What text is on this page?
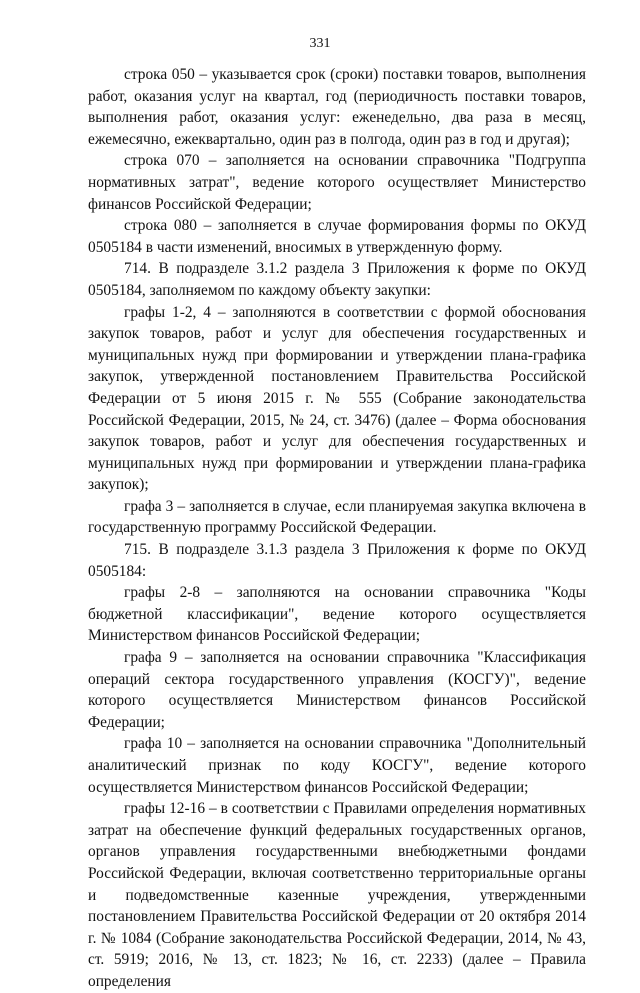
331

строка 050 – указывается срок (сроки) поставки товаров, выполнения работ, оказания услуг на квартал, год (периодичность поставки товаров, выполнения работ, оказания услуг: еженедельно, два раза в месяц, ежемесячно, ежеквартально, один раз в полгода, один раз в год и другая);

строка 070 – заполняется на основании справочника "Подгруппа нормативных затрат", ведение которого осуществляет Министерство финансов Российской Федерации;

строка 080 – заполняется в случае формирования формы по ОКУД 0505184 в части изменений, вносимых в утвержденную форму.

714. В подразделе 3.1.2 раздела 3 Приложения к форме по ОКУД 0505184, заполняемом по каждому объекту закупки:

графы 1-2, 4 – заполняются в соответствии с формой обоснования закупок товаров, работ и услуг для обеспечения государственных и муниципальных нужд при формировании и утверждении плана-графика закупок, утвержденной постановлением Правительства Российской Федерации от 5 июня 2015 г. № 555 (Собрание законодательства Российской Федерации, 2015, № 24, ст. 3476) (далее – Форма обоснования закупок товаров, работ и услуг для обеспечения государственных и муниципальных нужд при формировании и утверждении плана-графика закупок);

графа 3 – заполняется в случае, если планируемая закупка включена в государственную программу Российской Федерации.

715. В подразделе 3.1.3 раздела 3 Приложения к форме по ОКУД 0505184:

графы 2-8 – заполняются на основании справочника "Коды бюджетной классификации", ведение которого осуществляется Министерством финансов Российской Федерации;

графа 9 – заполняется на основании справочника "Классификация операций сектора государственного управления (КОСГУ)", ведение которого осуществляется Министерством финансов Российской Федерации;

графа 10 – заполняется на основании справочника "Дополнительный аналитический признак по коду КОСГУ", ведение которого осуществляется Министерством финансов Российской Федерации;

графы 12-16 – в соответствии с Правилами определения нормативных затрат на обеспечение функций федеральных государственных органов, органов управления государственными внебюджетными фондами Российской Федерации, включая соответственно территориальные органы и подведомственные казенные учреждения, утвержденными постановлением Правительства Российской Федерации от 20 октября 2014 г. № 1084 (Собрание законодательства Российской Федерации, 2014, № 43, ст. 5919; 2016, № 13, ст. 1823; № 16, ст. 2233) (далее – Правила определения
